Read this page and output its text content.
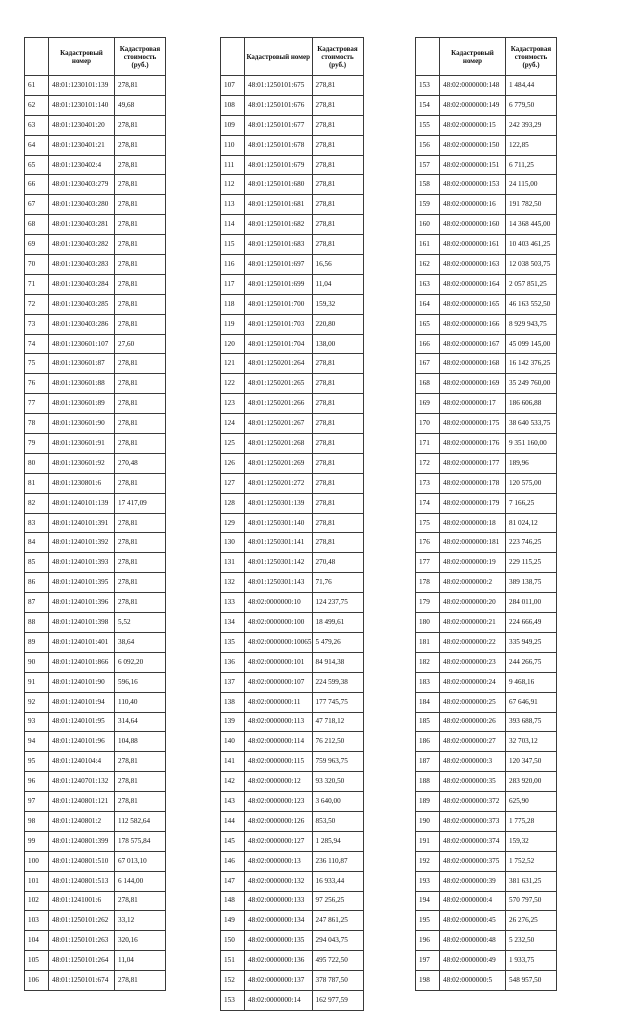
	Кадастровый номер	Кадастровая стоимость (руб.)
61	48:01:1230101:139	278,81
62	48:01:1230101:140	49,68
63	48:01:1230401:20	278,81
64	48:01:1230401:21	278,81
65	48:01:1230402:4	278,81
66	48:01:1230403:279	278,81
67	48:01:1230403:280	278,81
68	48:01:1230403:281	278,81
69	48:01:1230403:282	278,81
70	48:01:1230403:283	278,81
71	48:01:1230403:284	278,81
72	48:01:1230403:285	278,81
73	48:01:1230403:286	278,81
74	48:01:1230601:107	27,60
75	48:01:1230601:87	278,81
76	48:01:1230601:88	278,81
77	48:01:1230601:89	278,81
78	48:01:1230601:90	278,81
79	48:01:1230601:91	278,81
80	48:01:1230601:92	270,48
81	48:01:1230801:6	278,81
82	48:01:1240101:139	17 417,09
83	48:01:1240101:391	278,81
84	48:01:1240101:392	278,81
85	48:01:1240101:393	278,81
86	48:01:1240101:395	278,81
87	48:01:1240101:396	278,81
88	48:01:1240101:398	5,52
89	48:01:1240101:401	38,64
90	48:01:1240101:866	6 092,20
91	48:01:1240101:90	596,16
92	48:01:1240101:94	110,40
93	48:01:1240101:95	314,64
94	48:01:1240101:96	104,88
95	48:01:1240104:4	278,81
96	48:01:1240701:132	278,81
97	48:01:1240801:121	278,81
98	48:01:1240801:2	112 582,64
99	48:01:1240801:399	178 575,84
100	48:01:1240801:510	67 013,10
101	48:01:1240801:513	6 144,00
102	48:01:1241001:6	278,81
103	48:01:1250101:262	33,12
104	48:01:1250101:263	320,16
105	48:01:1250101:264	11,04
106	48:01:1250101:674	278,81
	Кадастровый номер	Кадастровая стоимость (руб.)
107	48:01:1250101:675	278,81
108	48:01:1250101:676	278,81
109	48:01:1250101:677	278,81
110	48:01:1250101:678	278,81
111	48:01:1250101:679	278,81
112	48:01:1250101:680	278,81
113	48:01:1250101:681	278,81
114	48:01:1250101:682	278,81
115	48:01:1250101:683	278,81
116	48:01:1250101:697	16,56
117	48:01:1250101:699	11,04
118	48:01:1250101:700	159,32
119	48:01:1250101:703	220,80
120	48:01:1250101:704	138,00
121	48:01:1250201:264	278,81
122	48:01:1250201:265	278,81
123	48:01:1250201:266	278,81
124	48:01:1250201:267	278,81
125	48:01:1250201:268	278,81
126	48:01:1250201:269	278,81
127	48:01:1250201:272	278,81
128	48:01:1250301:139	278,81
129	48:01:1250301:140	278,81
130	48:01:1250301:141	278,81
131	48:01:1250301:142	270,48
132	48:01:1250301:143	71,76
133	48:02:0000000:10	124 237,75
134	48:02:0000000:100	18 499,61
135	48:02:0000000:10065	5 479,26
136	48:02:0000000:101	84 914,38
137	48:02:0000000:107	224 599,38
138	48:02:0000000:11	177 745,75
139	48:02:0000000:113	47 718,12
140	48:02:0000000:114	76 212,50
141	48:02:0000000:115	759 963,75
142	48:02:0000000:12	93 320,50
143	48:02:0000000:123	3 640,00
144	48:02:0000000:126	853,50
145	48:02:0000000:127	1 285,94
146	48:02:0000000:13	236 110,87
147	48:02:0000000:132	16 933,44
148	48:02:0000000:133	97 256,25
149	48:02:0000000:134	247 861,25
150	48:02:0000000:135	294 043,75
151	48:02:0000000:136	495 722,50
152	48:02:0000000:137	378 787,50
153	48:02:0000000:14	162 977,59
	Кадастровый номер	Кадастровая стоимость (руб.)
153	48:02:0000000:148	1 484,44
154	48:02:0000000:149	6 779,50
155	48:02:0000000:15	242 393,29
156	48:02:0000000:150	122,85
157	48:02:0000000:151	6 711,25
158	48:02:0000000:153	24 115,00
159	48:02:0000000:16	191 782,50
160	48:02:0000000:160	14 368 445,00
161	48:02:0000000:161	10 403 461,25
162	48:02:0000000:163	12 038 503,75
163	48:02:0000000:164	2 057 851,25
164	48:02:0000000:165	46 163 552,50
165	48:02:0000000:166	8 929 943,75
166	48:02:0000000:167	45 099 145,00
167	48:02:0000000:168	16 142 376,25
168	48:02:0000000:169	35 249 760,00
169	48:02:0000000:17	186 606,88
170	48:02:0000000:175	38 640 533,75
171	48:02:0000000:176	9 351 160,00
172	48:02:0000000:177	189,96
173	48:02:0000000:178	120 575,00
174	48:02:0000000:179	7 166,25
175	48:02:0000000:18	81 024,12
176	48:02:0000000:181	223 746,25
177	48:02:0000000:19	229 115,25
178	48:02:0000000:2	389 138,75
179	48:02:0000000:20	284 011,00
180	48:02:0000000:21	224 666,49
181	48:02:0000000:22	335 949,25
182	48:02:0000000:23	244 266,75
183	48:02:0000000:24	9 468,16
184	48:02:0000000:25	67 646,91
185	48:02:0000000:26	393 688,75
186	48:02:0000000:27	32 703,12
187	48:02:0000000:3	120 347,50
188	48:02:0000000:35	283 920,00
189	48:02:0000000:372	625,90
190	48:02:0000000:373	1 775,28
191	48:02:0000000:374	159,32
192	48:02:0000000:375	1 752,52
193	48:02:0000000:39	381 631,25
194	48:02:0000000:4	570 797,50
195	48:02:0000000:45	26 276,25
196	48:02:0000000:48	5 232,50
197	48:02:0000000:49	1 933,75
198	48:02:0000000:5	548 957,50
